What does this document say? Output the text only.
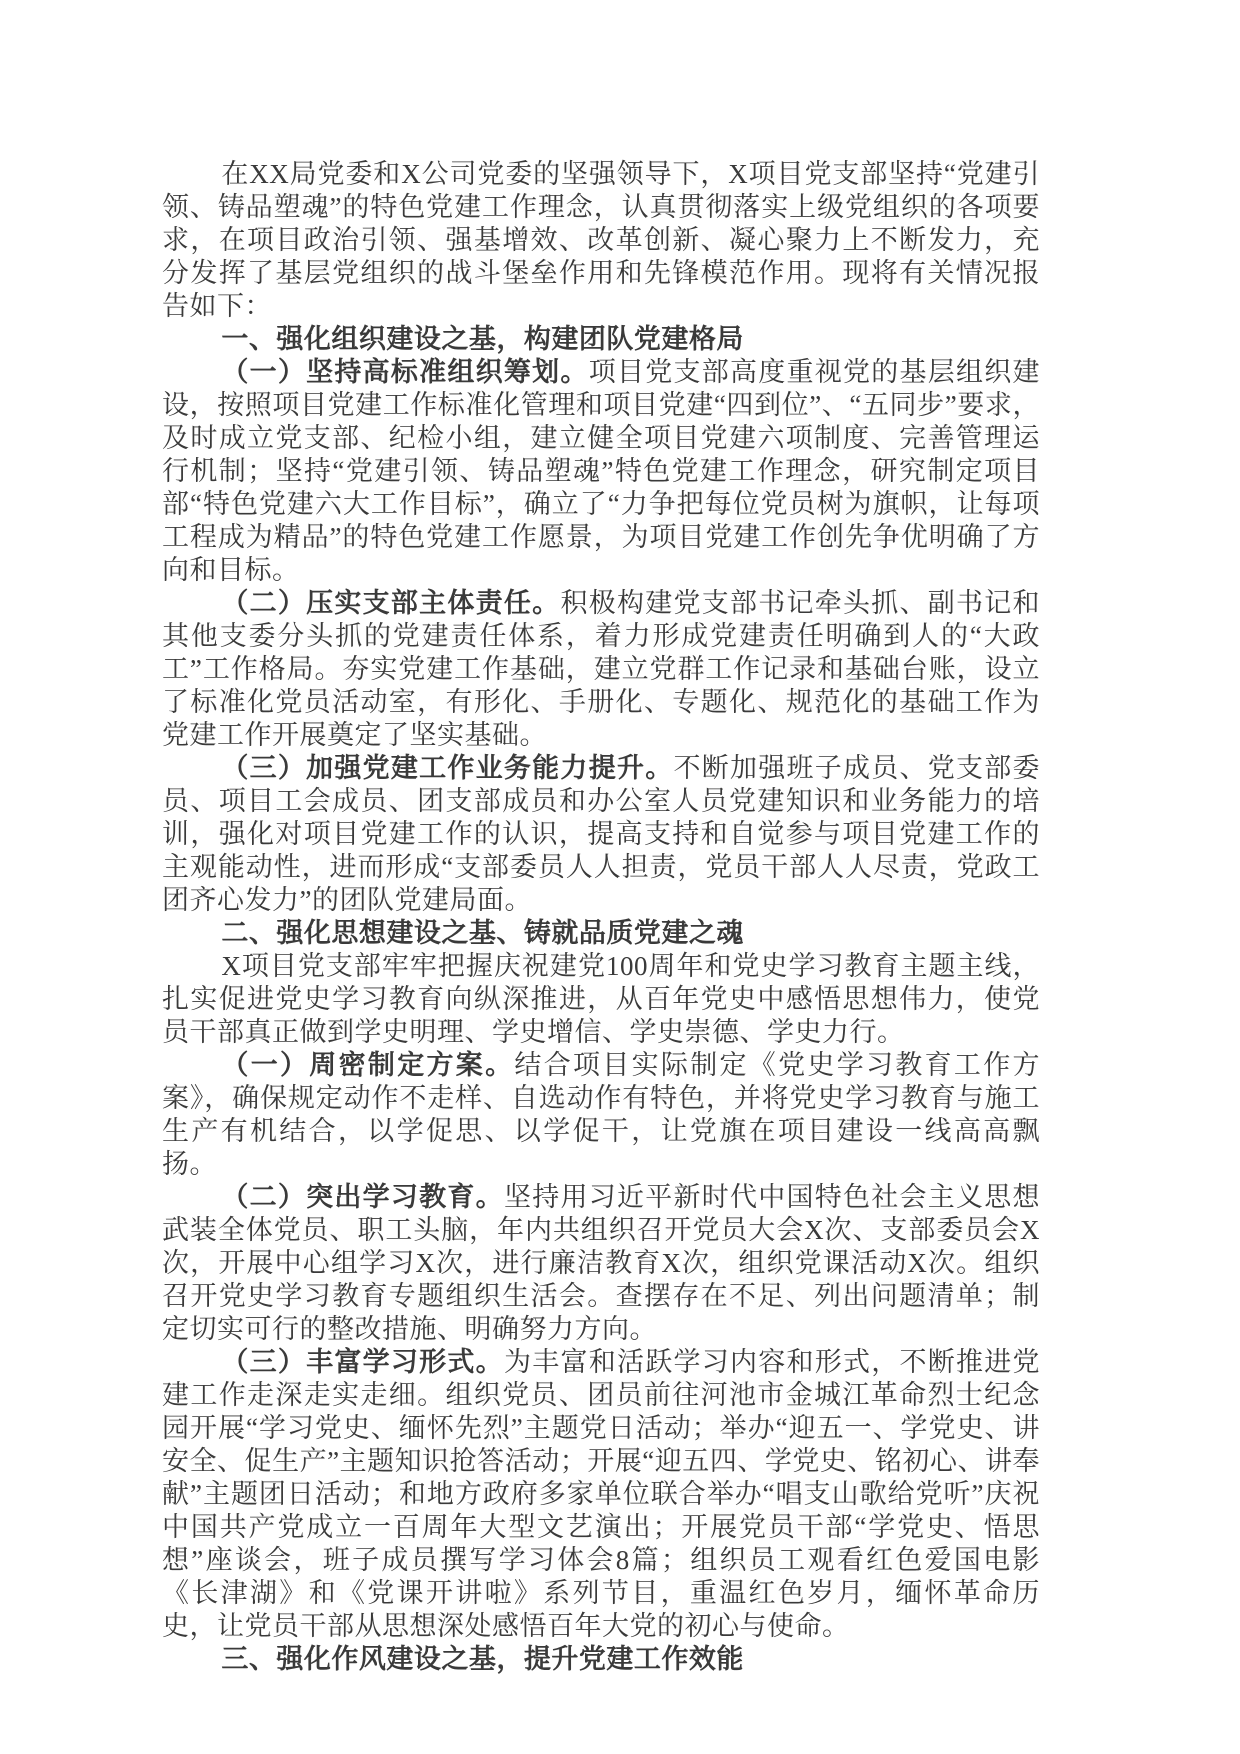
在XX局党委和X公司党委的坚强领导下，X项目党支部坚持“党建引领、铸品塑魂”的特色党建工作理念，认真贯彻落实上级党组织的各项要求，在项目政治引领、强基增效、改革创新、凝心聚力上不断发力，充分发挥了基层党组织的战斗堡垒作用和先锋模范作用。现将有关情况报告如下：

一、强化组织建设之基，构建团队党建格局

（一）坚持高标准组织筹划。项目党支部高度重视党的基层组织建设，按照项目党建工作标准化管理和项目党建“四到位”、“五同步”要求，及时成立党支部、纪检小组，建立健全项目党建六项制度、完善管理运行机制；坚持“党建引领、铸品塑魂”特色党建工作理念，研究制定项目部“特色党建六大工作目标”，确立了“力争把每位党员树为旗帜，让每项工程成为精品”的特色党建工作愿景，为项目党建工作创先争优明确了方向和目标。

（二）压实支部主体责任。积极构建党支部书记牵头抓、副书记和其他支委分头抓的党建责任体系，着力形成党建责任明确到人的“大政工”工作格局。夯实党建工作基础，建立党群工作记录和基础台账，设立了标准化党员活动室，有形化、手册化、专题化、规范化的基础工作为党建工作开展奠定了坚实基础。

（三）加强党建工作业务能力提升。不断加强班子成员、党支部委员、项目工会成员、团支部成员和办公室人员党建知识和业务能力的培训，强化对项目党建工作的认识，提高支持和自觉参与项目党建工作的主观能动性，进而形成“支部委员人人担责，党员干部人人尽责，党政工团齐心发力”的团队党建局面。

二、强化思想建设之基、铸就品质党建之魂

X项目党支部牢牢把握庆祝建党100周年和党史学习教育主题主线，扎实促进党史学习教育向纵深推进，从百年党史中感悟思想伟力，使党员干部真正做到学史明理、学史增信、学史崇德、学史力行。

（一）周密制定方案。结合项目实际制定《党史学习教育工作方案》，确保规定动作不走样、自选动作有特色，并将党史学习教育与施工生产有机结合，以学促思、以学促干，让党旗在项目建设一线高高飘扬。

（二）突出学习教育。坚持用习近平新时代中国特色社会主义思想武装全体党员、职工头脑，年内共组织召开党员大会X次、支部委员会X次，开展中心组学习X次，进行廉洁教育X次，组织党课活动X次。组织召开党史学习教育专题组织生活会。查摆存在不足、列出问题清单；制定切实可行的整改措施、明确努力方向。

（三）丰富学习形式。为丰富和活跃学习内容和形式，不断推进党建工作走深走实走细。组织党员、团员前往河池市金城江革命烈士纪念园开展“学习党史、缅怀先烈”主题党日活动；举办“迎五一、学党史、讲安全、促生产”主题知识抢答活动；开展“迎五四、学党史、铭初心、讲奉献”主题团日活动；和地方政府多家单位联合举办“唱支山歌给党听”庆祝中国共产党成立一百周年大型文艺演出；开展党员干部“学党史、悟思想”座谈会，班子成员撰写学习体会8篇；组织员工观看红色爱国电影《长津湖》和《党课开讲啦》系列节目，重温红色岁月，缅怀革命历史，让党员干部从思想深处感悟百年大党的初心与使命。

三、强化作风建设之基，提升党建工作效能
